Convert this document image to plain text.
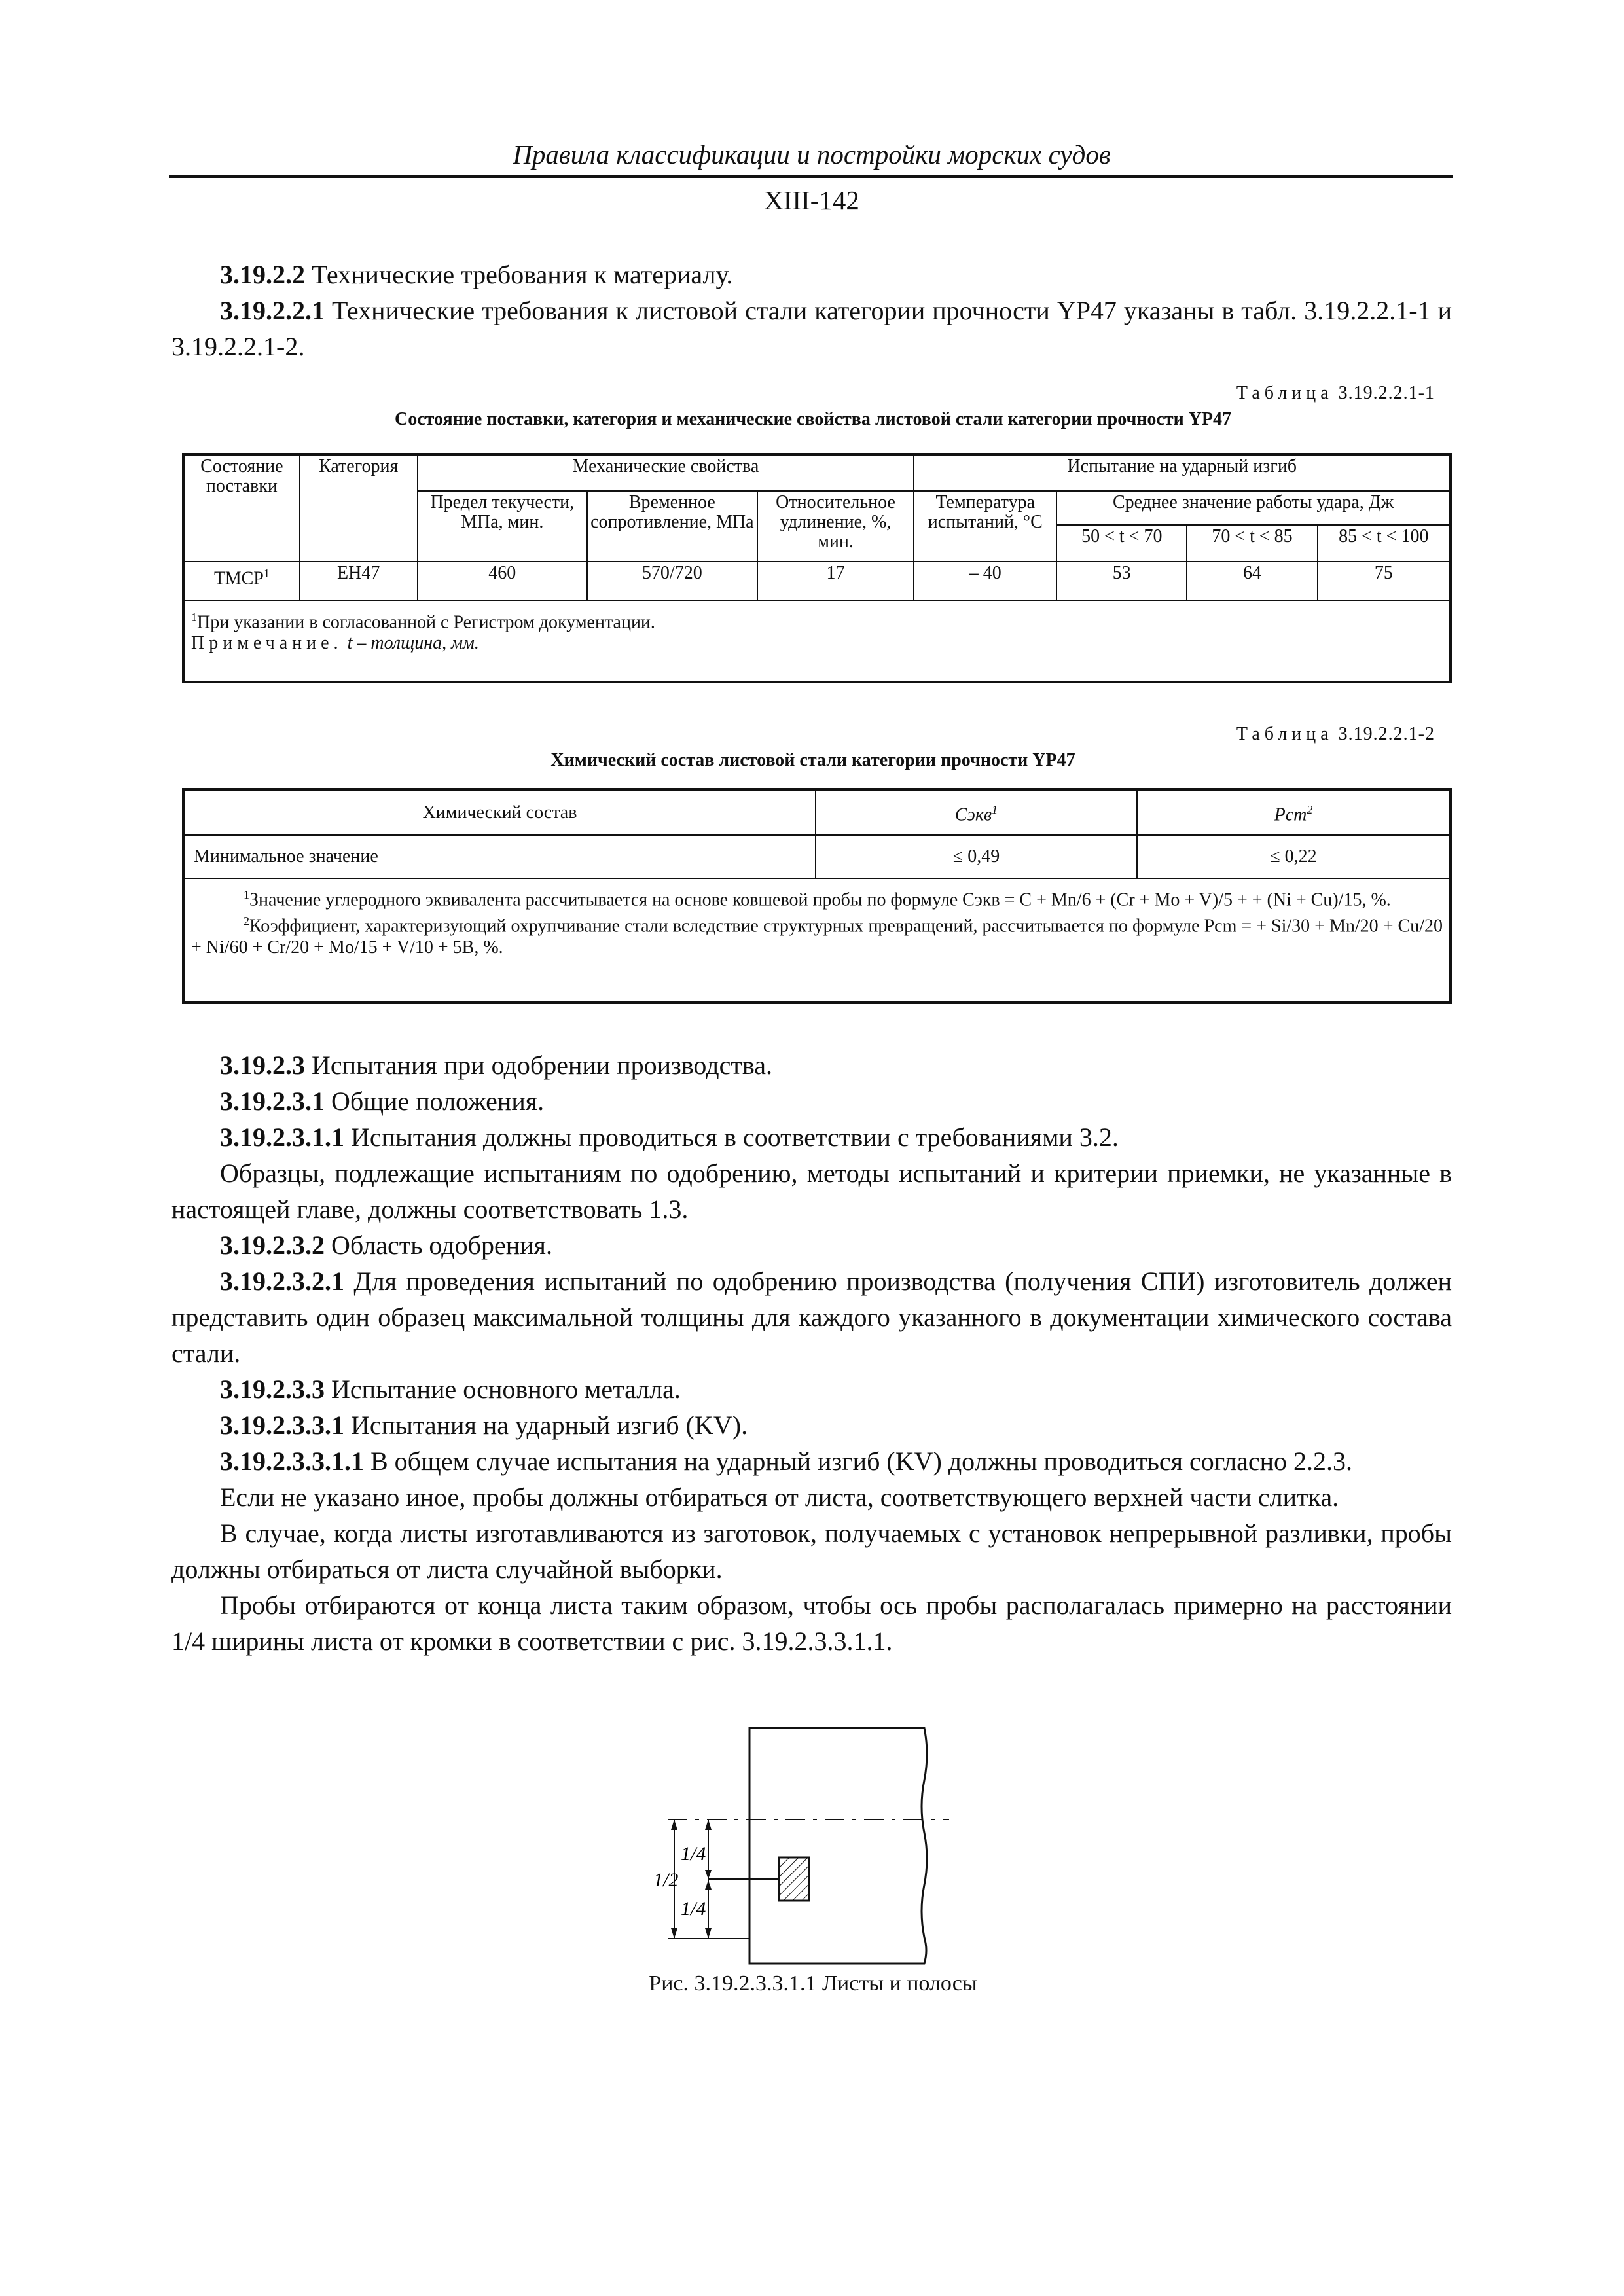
Правила классификации и постройки морских судов
XIII-142
3.19.2.2 Технические требования к материалу.
3.19.2.2.1 Технические требования к листовой стали категории прочности YP47 указаны в табл. 3.19.2.2.1-1 и 3.19.2.2.1-2.
Таблица 3.19.2.2.1-1
Состояние поставки, категория и механические свойства листовой стали категории прочности YP47
Состояние поставки	Категория	Механические свойства			Испытание на ударный изгиб			
		Предел текучести, МПа, мин.	Временное сопротивление, МПа	Относительное удлинение, %, мин.	Температура испытаний, °C	Среднее значение работы удара, Дж		
						50 < t < 70	70 < t < 85	85 < t < 100
ТМСР$^1$	EH47	460	570/720	17	– 40	53	64	75

$^1$При указании в согласованной с Регистром документации.

Примечание. t – толщина, мм.								

Таблица 3.19.2.2.1-2
Химический состав листовой стали категории прочности YP47
Химический состав	Cэкв$^1$	Pcm$^2$
Минимальное значение	≤ 0,49	≤ 0,22

$^1$Значение углеродного эквивалента рассчитывается на основе ковшевой пробы по формуле Cэкв = C + Mn/6 + (Cr + Mo + V)/5 + + (Ni + Cu)/15, %.

$^2$Коэффициент, характеризующий охрупчивание стали вследствие структурных превращений, рассчитывается по формуле Pcm = + Si/30 + Mn/20 + Cu/20 + Ni/60 + Cr/20 + Mo/15 + V/10 + 5B, %.		

3.19.2.3 Испытания при одобрении производства.
3.19.2.3.1 Общие положения.
3.19.2.3.1.1 Испытания должны проводиться в соответствии с требованиями 3.2.
Образцы, подлежащие испытаниям по одобрению, методы испытаний и критерии приемки, не указанные в настоящей главе, должны соответствовать 1.3.
3.19.2.3.2 Область одобрения.
3.19.2.3.2.1 Для проведения испытаний по одобрению производства (получения СПИ) изготовитель должен представить один образец максимальной толщины для каждого указанного в документации химического состава стали.
3.19.2.3.3 Испытание основного металла.
3.19.2.3.3.1 Испытания на ударный изгиб (KV).
3.19.2.3.3.1.1 В общем случае испытания на ударный изгиб (KV) должны проводиться согласно 2.2.3.
Если не указано иное, пробы должны отбираться от листа, соответствующего верхней части слитка.
В случае, когда листы изготавливаются из заготовок, получаемых с установок непрерывной разливки, пробы должны отбираться от листа случайной выборки.
Пробы отбираются от конца листа таким образом, чтобы ось пробы располагалась примерно на расстоянии 1/4 ширины листа от кромки в соответствии с рис. 3.19.2.3.3.1.1.
1/2
1/4
1/4
Рис. 3.19.2.3.3.1.1 Листы и полосы
